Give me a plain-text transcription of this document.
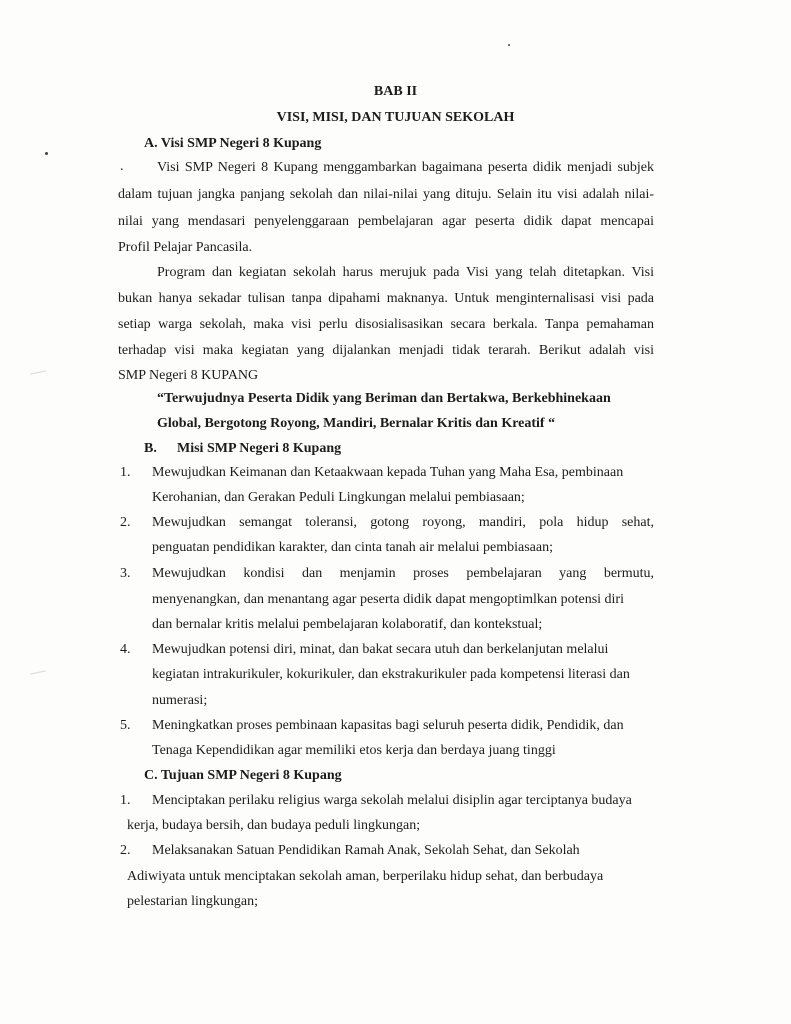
BAB II
VISI, MISI, DAN TUJUAN SEKOLAH
A. Visi SMP Negeri 8 Kupang
. Visi SMP Negeri 8 Kupang menggambarkan bagaimana peserta didik menjadi subjek
dalam tujuan jangka panjang sekolah dan nilai-nilai yang dituju. Selain itu visi adalah nilai-
nilai yang mendasari penyelenggaraan pembelajaran agar peserta didik dapat mencapai
Profil Pelajar Pancasila.
Program dan kegiatan sekolah harus merujuk pada Visi yang telah ditetapkan. Visi
bukan hanya sekadar tulisan tanpa dipahami maknanya. Untuk menginternalisasi visi pada
setiap warga sekolah, maka visi perlu disosialisasikan secara berkala. Tanpa pemahaman
terhadap visi maka kegiatan yang dijalankan menjadi tidak terarah. Berikut adalah visi
SMP Negeri 8 KUPANG
“Terwujudnya Peserta Didik yang Beriman dan Bertakwa, Berkebhinekaan
Global, Bergotong Royong, Mandiri, Bernalar Kritis dan Kreatif “
B. Misi SMP Negeri 8 Kupang
1. Mewujudkan Keimanan dan Ketaakwaan kepada Tuhan yang Maha Esa, pembinaan
Kerohanian, dan Gerakan Peduli Lingkungan melalui pembiasaan;
2. Mewujudkan semangat toleransi, gotong royong, mandiri, pola hidup sehat,
penguatan pendidikan karakter, dan cinta tanah air melalui pembiasaan;
3. Mewujudkan kondisi dan menjamin proses pembelajaran yang bermutu,
menyenangkan, dan menantang agar peserta didik dapat mengoptimlkan potensi diri
dan bernalar kritis melalui pembelajaran kolaboratif, dan kontekstual;
4. Mewujudkan potensi diri, minat, dan bakat secara utuh dan berkelanjutan melalui
kegiatan intrakurikuler, kokurikuler, dan ekstrakurikuler pada kompetensi literasi dan
numerasi;
5. Meningkatkan proses pembinaan kapasitas bagi seluruh peserta didik, Pendidik, dan
Tenaga Kependidikan agar memiliki etos kerja dan berdaya juang tinggi
C. Tujuan SMP Negeri 8 Kupang
1. Menciptakan perilaku religius warga sekolah melalui disiplin agar terciptanya budaya
kerja, budaya bersih, dan budaya peduli lingkungan;
2. Melaksanakan Satuan Pendidikan Ramah Anak, Sekolah Sehat, dan Sekolah
Adiwiyata untuk menciptakan sekolah aman, berperilaku hidup sehat, dan berbudaya
pelestarian lingkungan;
